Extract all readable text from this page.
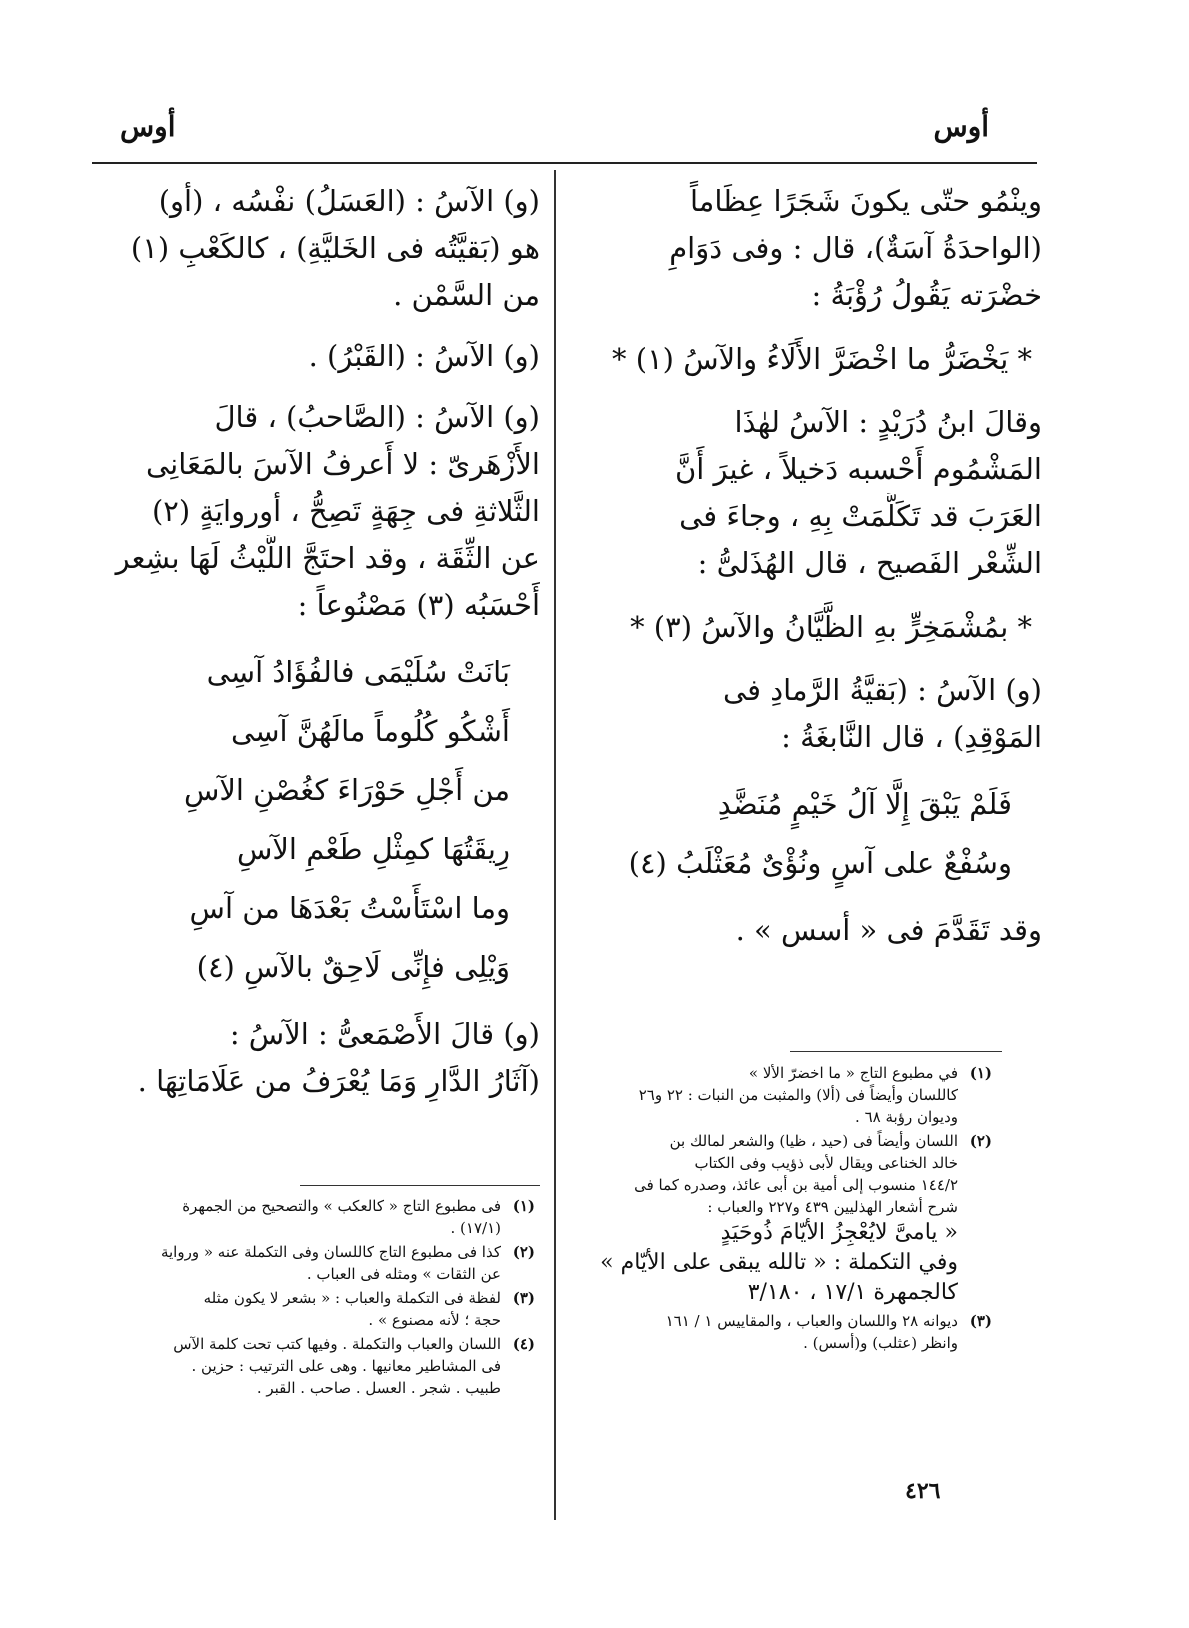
أوس
أوس
وينْمُو حتّى يكونَ شَجَرًا عِظَاماً
(الواحدَةُ آسَةٌ)، قال : وفى دَوَامِ
خضْرَته يَقُولُ رُؤْبَةُ :
* يَخْضَرُّ ما اخْضَرَّ الأَلَاءُ والآسُ (١) *
وقالَ ابنُ دُرَيْدٍ : الآسُ لهٰذَا
المَشْمُوم أَحْسبه دَخيلاً ، غيرَ أَنَّ
العَرَبَ قد تَكَلَّمَتْ بِهِ ، وجاءَ فى
الشِّعْر الفَصيح ، قال الهُذَلىُّ :
* بمُشْمَخِرٍّ بهِ الظَّيَّانُ والآسُ (٣) *
(و) الآسُ : (بَقيَّةُ الرَّمادِ فى
المَوْقِدِ) ، قال النَّابغَةُ :
فَلَمْ يَبْقَ إِلَّا آلُ خَيْمٍ مُنَضَّدِ
وسُفْعٌ على آسٍ ونُؤْىٌ مُعَثْلَبُ (٤)
وقد تَقَدَّمَ فى « أسس » .
(و) الآسُ : (العَسَلُ) نفْسُه ، (أو)
هو (بَقيَّتُه فى الخَليَّةِ) ، كالكَعْبِ (١)
من السَّمْن .
(و) الآسُ : (القَبْرُ) .
(و) الآسُ : (الصَّاحبُ) ، قالَ
الأَزْهَرىّ : لا أَعرفُ الآسَ بالمَعَانِى
الثَّلاثةِ فى جِهَةٍ تَصِحُّ ، أوروايَةٍ (٢)
عن الثِّقَة ، وقد احتَجَّ اللَّيْثُ لَهَا بشِعر
أَحْسَبُه (٣) مَصْنُوعاً :
بَانَتْ سُلَيْمَى فالفُؤَادُ آسِى
أَشْكُو كُلُوماً مالَهُنَّ آسِى
من أَجْلِ حَوْرَاءَ كغُصْنِ الآسِ
رِيقَتُهَا كمِثْلِ طَعْمِ الآسِ
وما اسْتَأَسْتُ بَعْدَهَا من آسِ
وَيْلِى فإِنِّى لَاحِقٌ بالآسِ (٤)
(و) قالَ الأَصْمَعىُّ : الآسُ :
(آثَارُ الدَّارِ وَمَا يُعْرَفُ من عَلَامَاتِهَا .	(١)
في مطبوع التاج « ما اخضرّ الألا »
كاللسان وأيضاً فى (ألا) والمثبت من النبات : ٢٢ و٢٦
وديوان رؤبة ٦٨ .
(٢)
اللسان وأيضاً فى (حيد ، ظيا) والشعر لمالك بن
خالد الخناعى ويقال لأبى ذؤيب وفى الكتاب
١٤٤/٢ منسوب إلى أمية بن أبى عائذ، وصدره كما فى
شرح أشعار الهذليين ٤٣٩ و٢٢٧ والعباب :
« يامىَّ لايُعْجِزُ الأيّامَ ذُوحَيَدٍ
وفي التكملة : « تالله يبقى على الأيّام »
كالجمهرة ١٧/١ ، ٣/١٨٠
(٣)
ديوانه ٢٨ واللسان والعباب ، والمقاييس ١ / ١٦١
وانظر (عثلب) و(أسس) .
(١)
فى مطبوع التاج « كالعكب » والتصحيح من الجمهرة
(١٧/١) .
(٢)
كذا فى مطبوع التاج كاللسان وفى التكملة عنه « ورواية
عن الثقات » ومثله فى العباب .
(٣)
لفظة فى التكملة والعباب : « بشعر لا يكون مثله
حجة ؛ لأنه مصنوع » .
(٤)
اللسان والعباب والتكملة . وفيها كتب تحت كلمة الآس
فى المشاطير معانيها . وهى على الترتيب : حزين .
طبيب . شجر . العسل . صاحب . القبر .
٤٢٦
